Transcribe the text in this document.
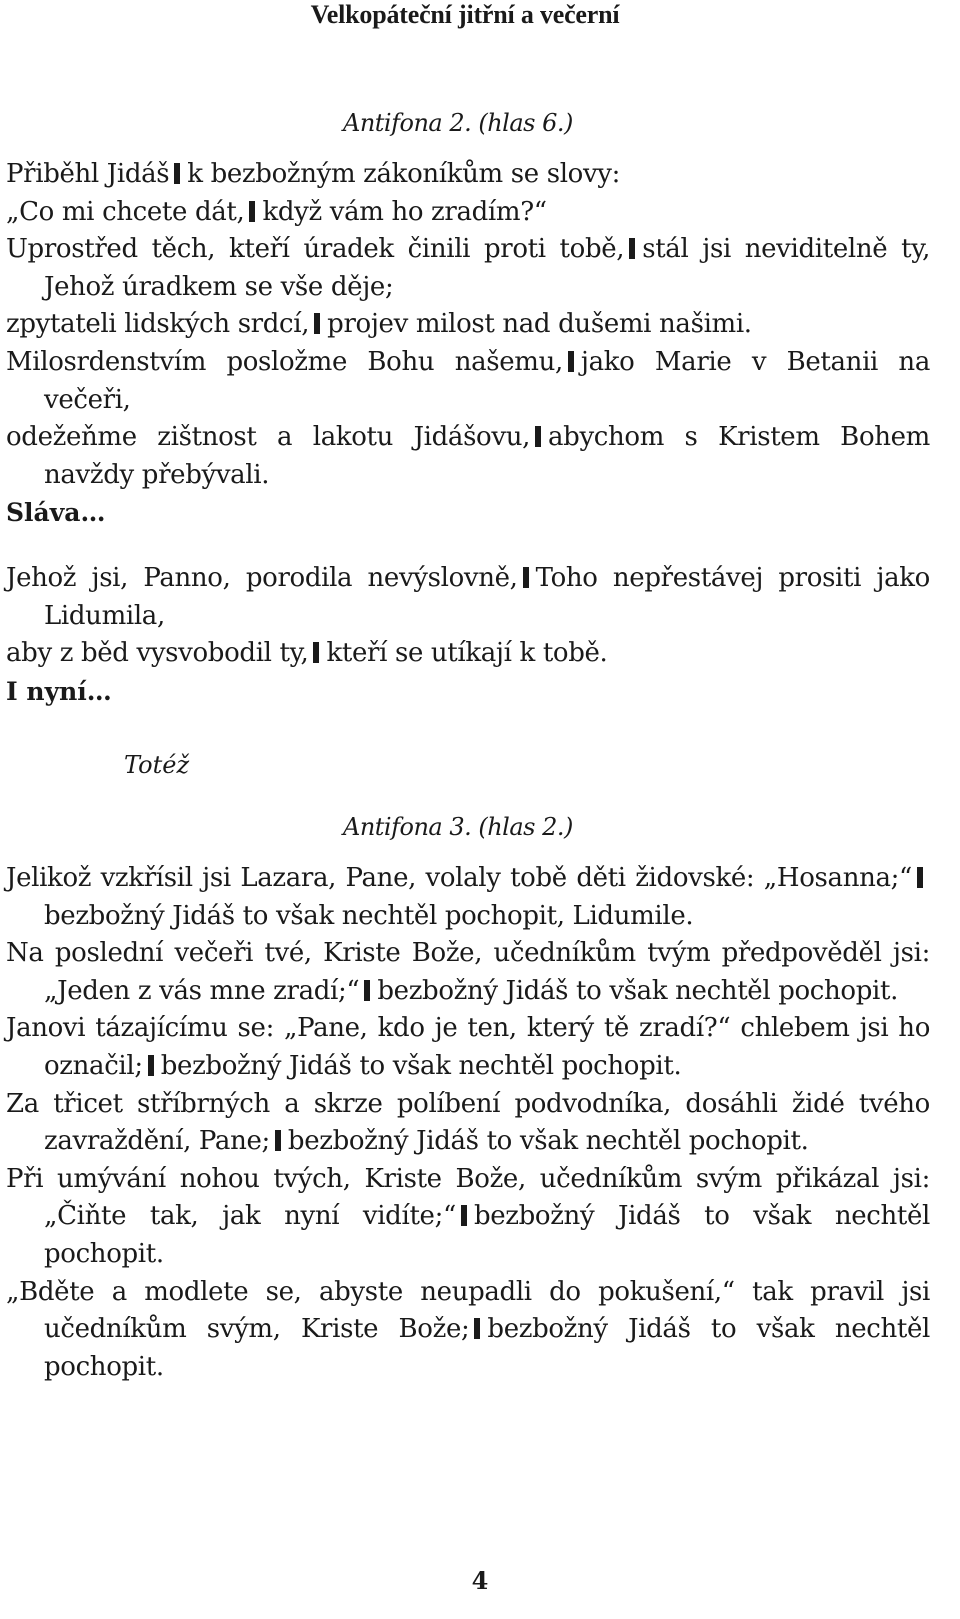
Velkopáteční jitřní a večerní
Antifona 2. (hlas 6.)

Přiběhl Jidáš k bezbožným zákoníkům se slovy:

„Co mi chcete dát, když vám ho zradím?“

Uprostřed těch, kteří úradek činili proti tobě, stál jsi neviditelně ty, Jehož úradkem se vše děje;

zpytateli lidských srdcí, projev milost nad dušemi našimi.

Milosrdenstvím posložme Bohu našemu, jako Marie v Betanii na večeři,

odežeňme zištnost a lakotu Jidášovu, abychom s Kristem Bohem navždy přebývali.

Sláva…

Jehož jsi, Panno, porodila nevýslovně, Toho nepřestávej prositi jako Lidumila,

aby z běd vysvobodil ty, kteří se utíkají k tobě.

I nyní…

Totéž
Antifona 3. (hlas 2.)

Jelikož vzkřísil jsi Lazara, Pane, volaly tobě děti židovské: „Hosanna;“bezbožný Jidáš to však nechtěl pochopit, Lidumile.

Na poslední večeři tvé, Kriste Bože, učedníkům tvým předpověděl jsi: „Jeden z vás mne zradí;“ bezbožný Jidáš to však nechtěl pochopit.

Janovi tázajícímu se: „Pane, kdo je ten, který tě zradí?“ chlebem jsi ho označil; bezbožný Jidáš to však nechtěl pochopit.

Za třicet stříbrných a skrze políbení podvodníka, dosáhli židé tvého zavraždění, Pane; bezbožný Jidáš to však nechtěl pochopit.

Při umývání nohou tvých, Kriste Bože, učedníkům svým přikázal jsi: „Čiňte tak, jak nyní vidíte;“ bezbožný Jidáš to však nechtěl pochopit.

„Bděte a modlete se, abyste neupadli do pokušení,“ tak pravil jsi učedníkům svým, Kriste Bože; bezbožný Jidáš to však nechtěl pochopit.

4
